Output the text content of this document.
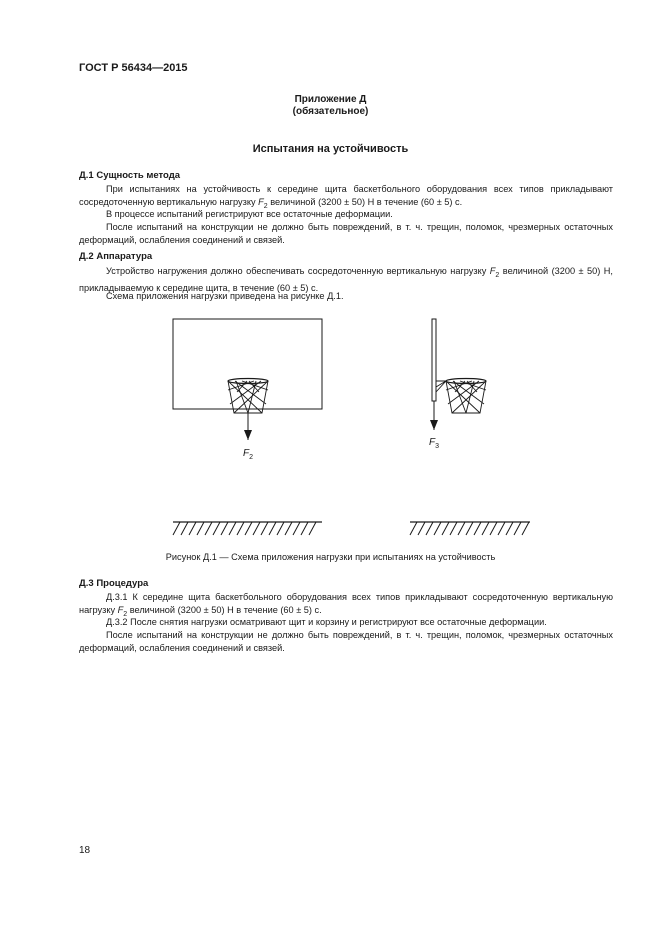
ГОСТ Р 56434—2015
Приложение Д
(обязательное)
Испытания на устойчивость
Д.1 Сущность метода

При испытаниях на устойчивость к середине щита баскетбольного оборудования всех типов прикладывают сосредоточенную вертикальную нагрузку $F_2$ величиной (3200 ± 50) Н в течение (60 ± 5) с.

В процессе испытаний регистрируют все остаточные деформации.

После испытаний на конструкции не должно быть повреждений, в т. ч. трещин, поломок, чрезмерных остаточных деформаций, ослабления соединений и связей.

Д.2 Аппаратура

Устройство нагружения должно обеспечивать сосредоточенную вертикальную нагрузку $F_2$ величиной (3200 ± 50) Н, прикладываемую к середине щита, в течение (60 ± 5) с.

Схема приложения нагрузки приведена на рисунке Д.1.

$F_2$
$F_3$
Рисунок Д.1 — Схема приложения нагрузки при испытаниях на устойчивость
Д.3 Процедура

Д.3.1 К середине щита баскетбольного оборудования всех типов прикладывают сосредоточенную вертикальную нагрузку $F_2$ величиной (3200 ± 50) Н в течение (60 ± 5) с.

Д.3.2 После снятия нагрузки осматривают щит и корзину и регистрируют все остаточные деформации.

После испытаний на конструкции не должно быть повреждений, в т. ч. трещин, поломок, чрезмерных остаточных деформаций, ослабления соединений и связей.

18
